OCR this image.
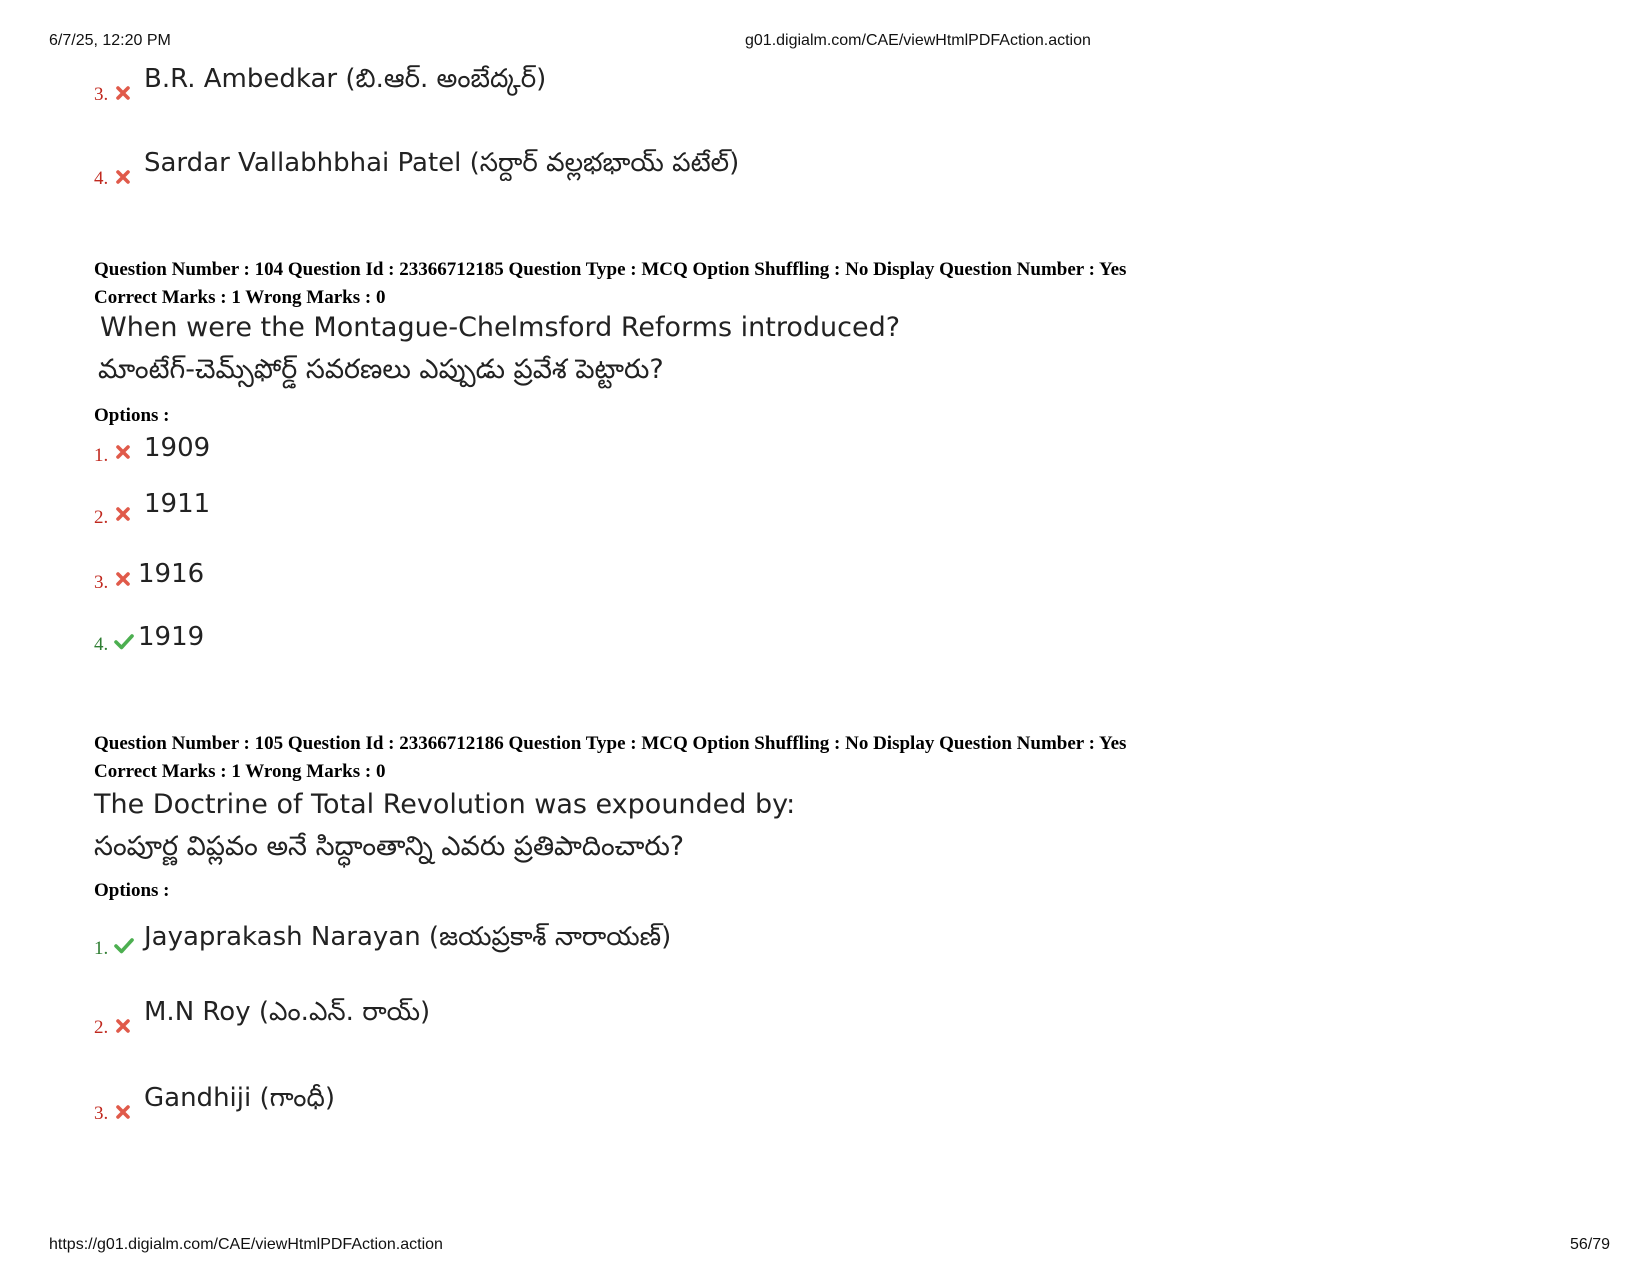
6/7/25, 12:20 PM	g01.digialm.com/CAE/viewHtmlPDFAction.action
3.
B.R. Ambedkar (బి.ఆర్. అంబేద్కర్)
4.
Sardar Vallabhbhai Patel (సర్దార్ వల్లభభాయ్ పటేల్)
Question Number : 104 Question Id : 23366712185 Question Type : MCQ Option Shuffling : No Display Question Number : Yes
Correct Marks : 1 Wrong Marks : 0
When were the Montague-Chelmsford Reforms introduced?
మాంటేగ్-చెమ్స్‌ఫోర్డ్ సవరణలు ఎప్పుడు ప్రవేశ పెట్టారు?
Options :
1. 1909
2. 1911
3. 1916
4. 1919
Question Number : 105 Question Id : 23366712186 Question Type : MCQ Option Shuffling : No Display Question Number : Yes
Correct Marks : 1 Wrong Marks : 0
The Doctrine of Total Revolution was expounded by:
సంపూర్ణ విప్లవం అనే సిద్ధాంతాన్ని ఎవరు ప్రతిపాదించారు?
Options :
1. Jayaprakash Narayan (జయప్రకాశ్ నారాయణ్)
2.
M.N Roy (ఎం.ఎన్. రాయ్)
3.
Gandhiji (గాంధీ)
https://g01.digialm.com/CAE/viewHtmlPDFAction.action	56/79
